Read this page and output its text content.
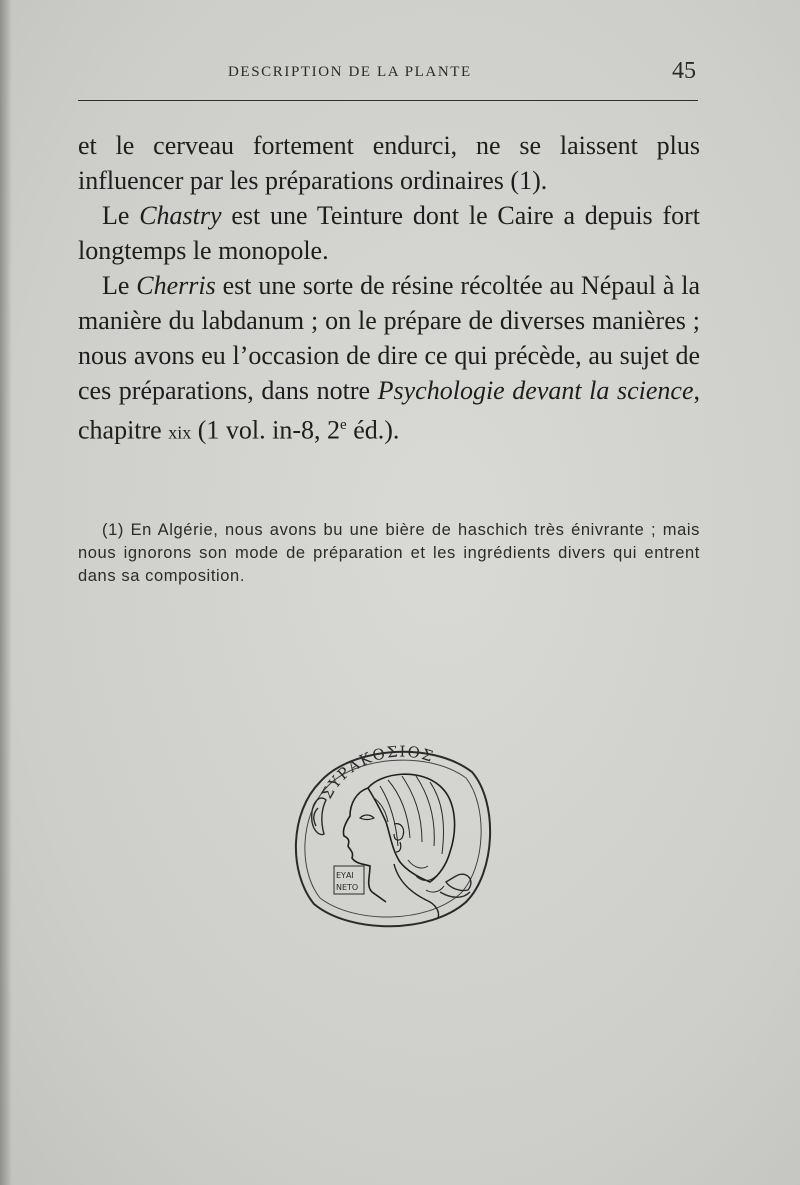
DESCRIPTION DE LA PLANTE	45

et le cerveau fortement endurci, ne se laissent plus influencer par les préparations ordinaires (1).

Le Chastry est une Teinture dont le Caire a depuis fort longtemps le monopole.

Le Cherris est une sorte de résine récoltée au Népaul à la manière du labdanum ; on le prépare de diverses manières ; nous avons eu l’occasion de dire ce qui précède, au sujet de ces préparations, dans notre Psychologie devant la science, chapitre xix (1 vol. in-8, 2e éd.).

(1) En Algérie, nous avons bu une bière de haschich très énivrante ; mais nous ignorons son mode de préparation et les ingrédients divers qui entrent dans sa composition.

ΣΥΡΑΚΟΣΙΟΣ
ΕΥΑΙ
ΝΕΤΟ
